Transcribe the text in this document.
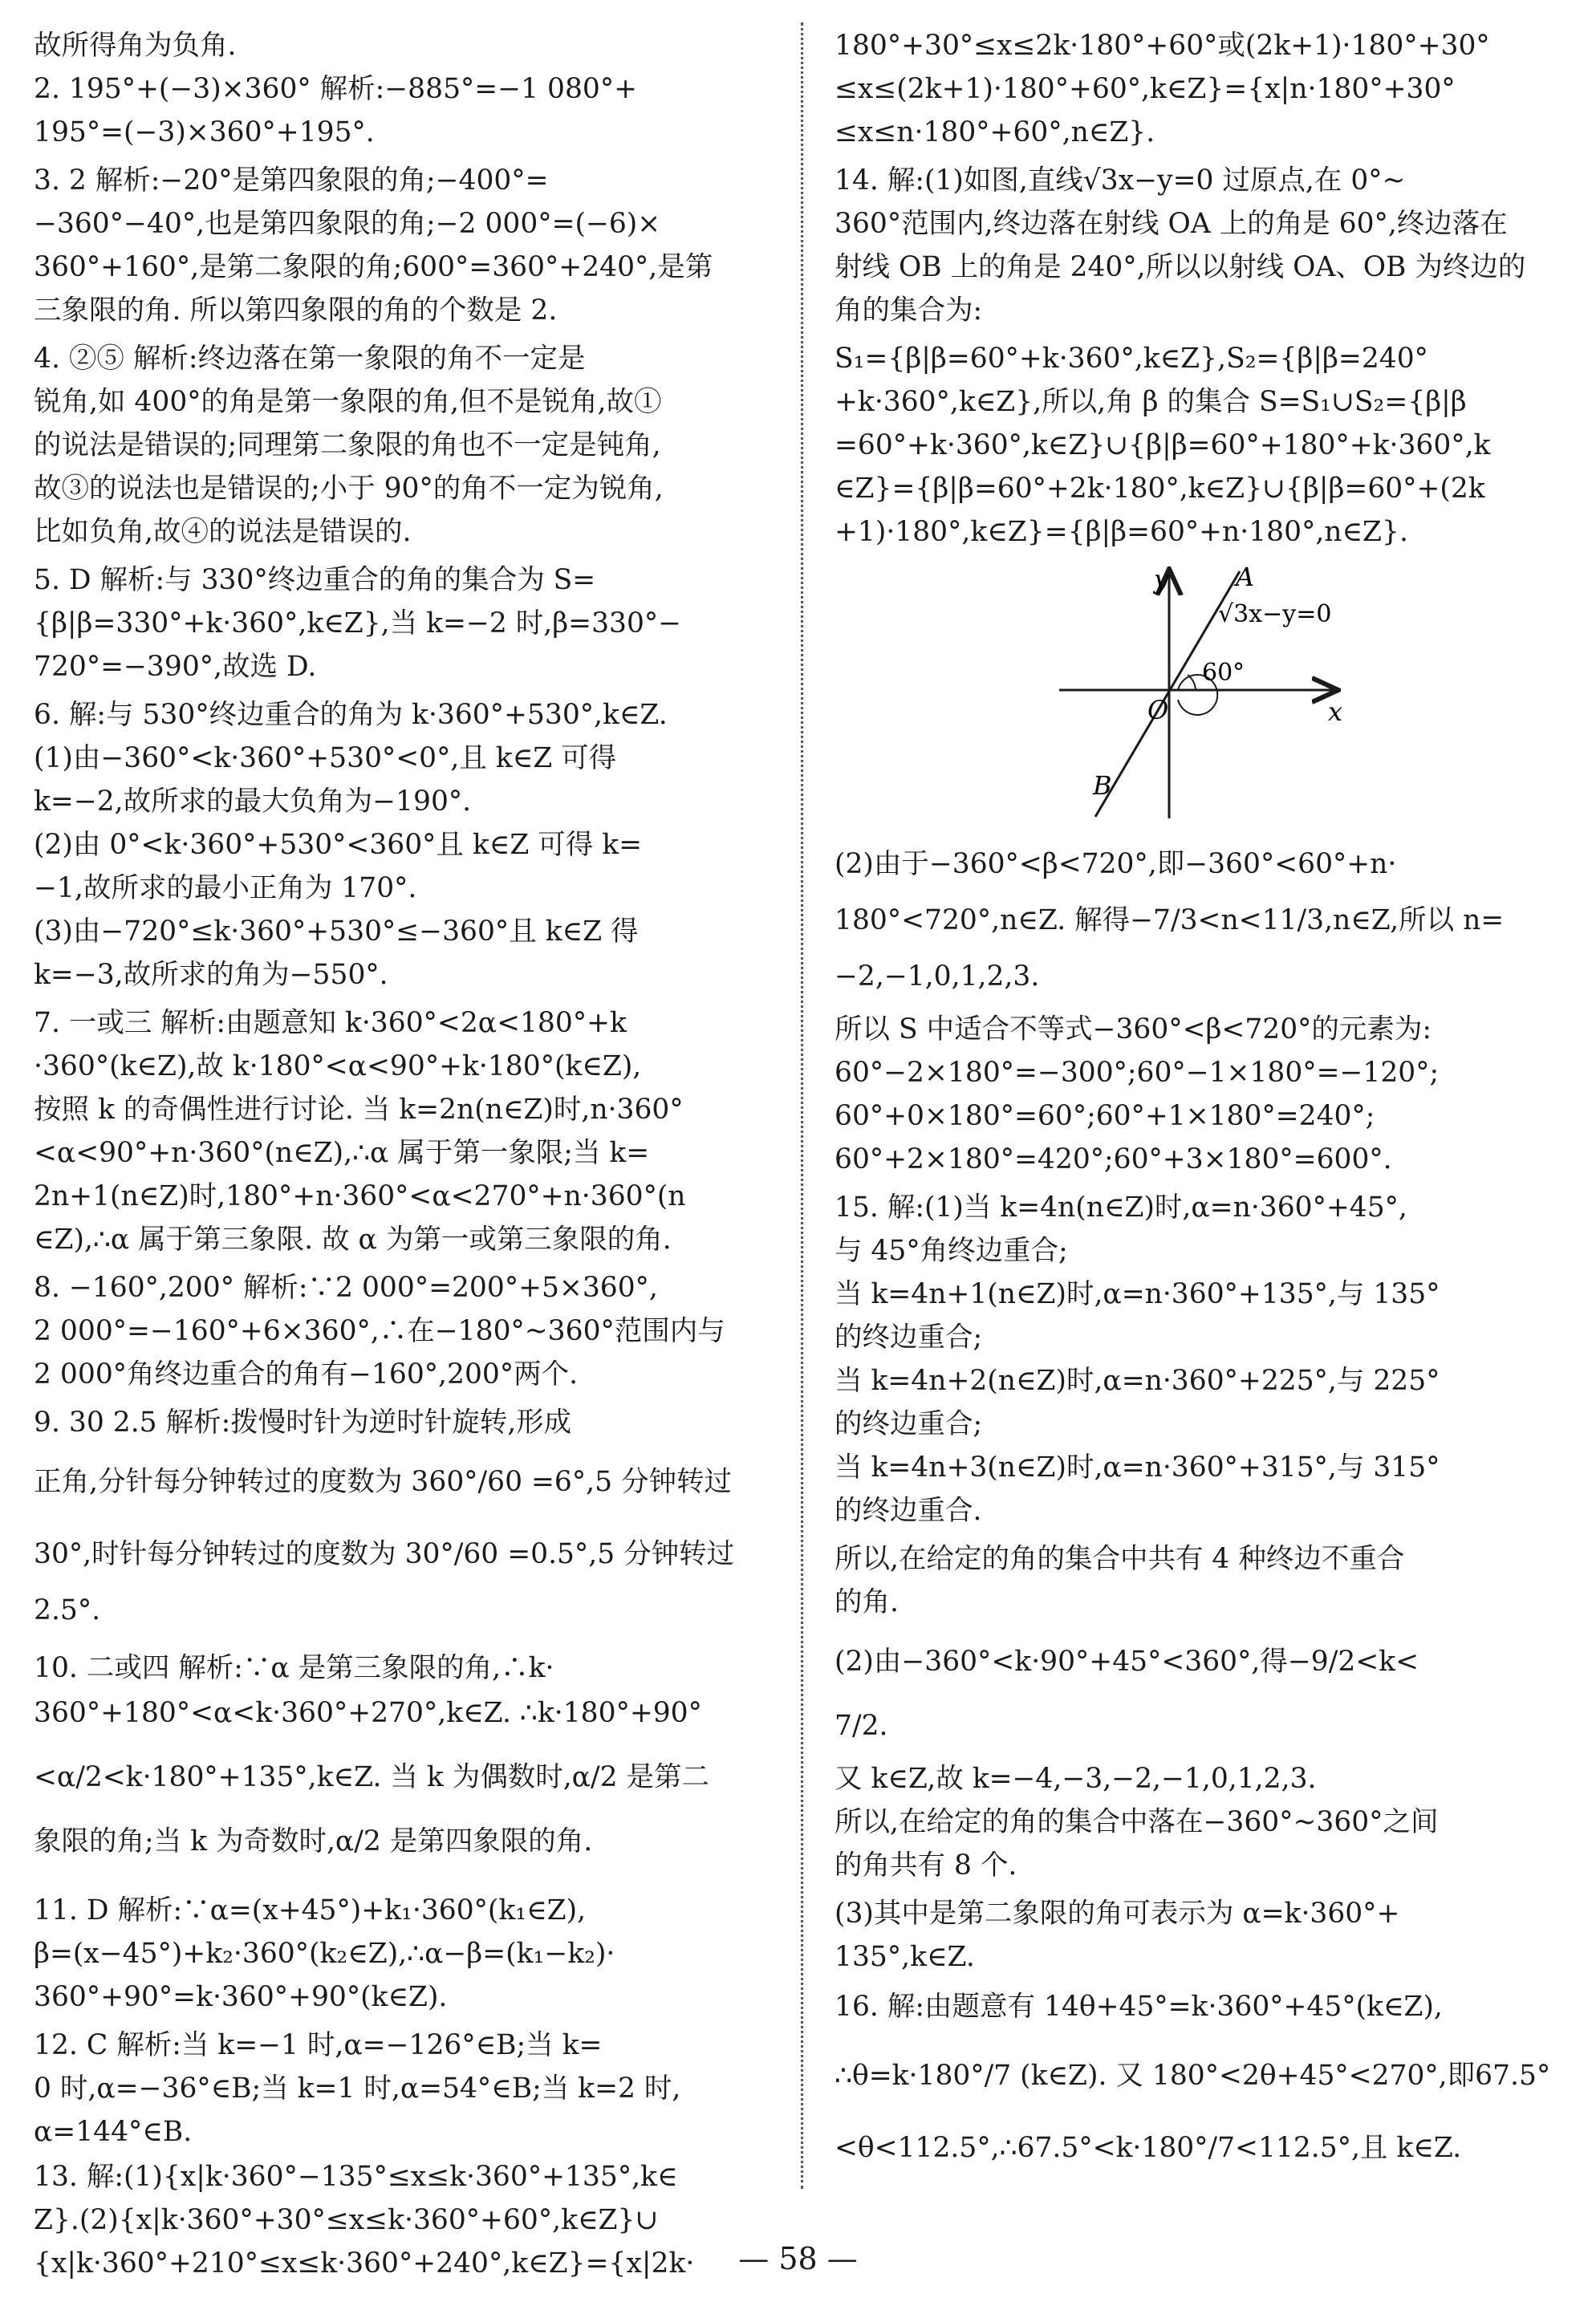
故所得角为负角.
2. 195°+(−3)×360° 解析:−885°=−1 080°+
195°=(−3)×360°+195°.
3. 2 解析:−20°是第四象限的角;−400°=
−360°−40°,也是第四象限的角;−2 000°=(−6)×
360°+160°,是第二象限的角;600°=360°+240°,是第
三象限的角. 所以第四象限的角的个数是 2.
4. ②⑤ 解析:终边落在第一象限的角不一定是
锐角,如 400°的角是第一象限的角,但不是锐角,故①
的说法是错误的;同理第二象限的角也不一定是钝角,
故③的说法也是错误的;小于 90°的角不一定为锐角,
比如负角,故④的说法是错误的.
5. D 解析:与 330°终边重合的角的集合为 S=
{β|β=330°+k·360°,k∈Z},当 k=−2 时,β=330°−
720°=−390°,故选 D.
6. 解:与 530°终边重合的角为 k·360°+530°,k∈Z.
(1)由−360°<k·360°+530°<0°,且 k∈Z 可得
k=−2,故所求的最大负角为−190°.
(2)由 0°<k·360°+530°<360°且 k∈Z 可得 k=
−1,故所求的最小正角为 170°.
(3)由−720°≤k·360°+530°≤−360°且 k∈Z 得
k=−3,故所求的角为−550°.
7. 一或三 解析:由题意知 k·360°<2α<180°+k
·360°(k∈Z),故 k·180°<α<90°+k·180°(k∈Z),
按照 k 的奇偶性进行讨论. 当 k=2n(n∈Z)时,n·360°
<α<90°+n·360°(n∈Z),∴α 属于第一象限;当 k=
2n+1(n∈Z)时,180°+n·360°<α<270°+n·360°(n
∈Z),∴α 属于第三象限. 故 α 为第一或第三象限的角.
8. −160°,200° 解析:∵2 000°=200°+5×360°,
2 000°=−160°+6×360°,∴在−180°~360°范围内与
2 000°角终边重合的角有−160°,200°两个.
9. 30 2.5 解析:拨慢时针为逆时针旋转,形成
正角,分针每分钟转过的度数为 360°/60 =6°,5 分钟转过
30°,时针每分钟转过的度数为 30°/60 =0.5°,5 分钟转过
2.5°.
10. 二或四 解析:∵α 是第三象限的角,∴k·
360°+180°<α<k·360°+270°,k∈Z. ∴k·180°+90°
<α/2<k·180°+135°,k∈Z. 当 k 为偶数时,α/2 是第二
象限的角;当 k 为奇数时,α/2 是第四象限的角.
11. D 解析:∵α=(x+45°)+k₁·360°(k₁∈Z),
β=(x−45°)+k₂·360°(k₂∈Z),∴α−β=(k₁−k₂)·
360°+90°=k·360°+90°(k∈Z).
12. C 解析:当 k=−1 时,α=−126°∈B;当 k=
0 时,α=−36°∈B;当 k=1 时,α=54°∈B;当 k=2 时,
α=144°∈B.
13. 解:(1){x|k·360°−135°≤x≤k·360°+135°,k∈
Z}.(2){x|k·360°+30°≤x≤k·360°+60°,k∈Z}∪
{x|k·360°+210°≤x≤k·360°+240°,k∈Z}={x|2k·
180°+30°≤x≤2k·180°+60°或(2k+1)·180°+30°
≤x≤(2k+1)·180°+60°,k∈Z}={x|n·180°+30°
≤x≤n·180°+60°,n∈Z}.
14. 解:(1)如图,直线√3x−y=0 过原点,在 0°~
360°范围内,终边落在射线 OA 上的角是 60°,终边落在
射线 OB 上的角是 240°,所以以射线 OA、OB 为终边的
角的集合为:
S₁={β|β=60°+k·360°,k∈Z},S₂={β|β=240°
+k·360°,k∈Z},所以,角 β 的集合 S=S₁∪S₂={β|β
=60°+k·360°,k∈Z}∪{β|β=60°+180°+k·360°,k
∈Z}={β|β=60°+2k·180°,k∈Z}∪{β|β=60°+(2k
+1)·180°,k∈Z}={β|β=60°+n·180°,n∈Z}.
(2)由于−360°<β<720°,即−360°<60°+n·
180°<720°,n∈Z. 解得−7/3<n<11/3,n∈Z,所以 n=
−2,−1,0,1,2,3.
所以 S 中适合不等式−360°<β<720°的元素为:
60°−2×180°=−300°;60°−1×180°=−120°;
60°+0×180°=60°;60°+1×180°=240°;
60°+2×180°=420°;60°+3×180°=600°.
15. 解:(1)当 k=4n(n∈Z)时,α=n·360°+45°,
与 45°角终边重合;
当 k=4n+1(n∈Z)时,α=n·360°+135°,与 135°
的终边重合;
当 k=4n+2(n∈Z)时,α=n·360°+225°,与 225°
的终边重合;
当 k=4n+3(n∈Z)时,α=n·360°+315°,与 315°
的终边重合.
所以,在给定的角的集合中共有 4 种终边不重合
的角.
(2)由−360°<k·90°+45°<360°,得−9/2<k<
7/2.
又 k∈Z,故 k=−4,−3,−2,−1,0,1,2,3.
所以,在给定的角的集合中落在−360°~360°之间
的角共有 8 个.
(3)其中是第二象限的角可表示为 α=k·360°+
135°,k∈Z.
16. 解:由题意有 14θ+45°=k·360°+45°(k∈Z),
∴θ=k·180°/7 (k∈Z). 又 180°<2θ+45°<270°,即67.5°
<θ<112.5°,∴67.5°<k·180°/7<112.5°,且 k∈Z.
y
x
O
A
B
√3x−y=0
60°
— 58 —
